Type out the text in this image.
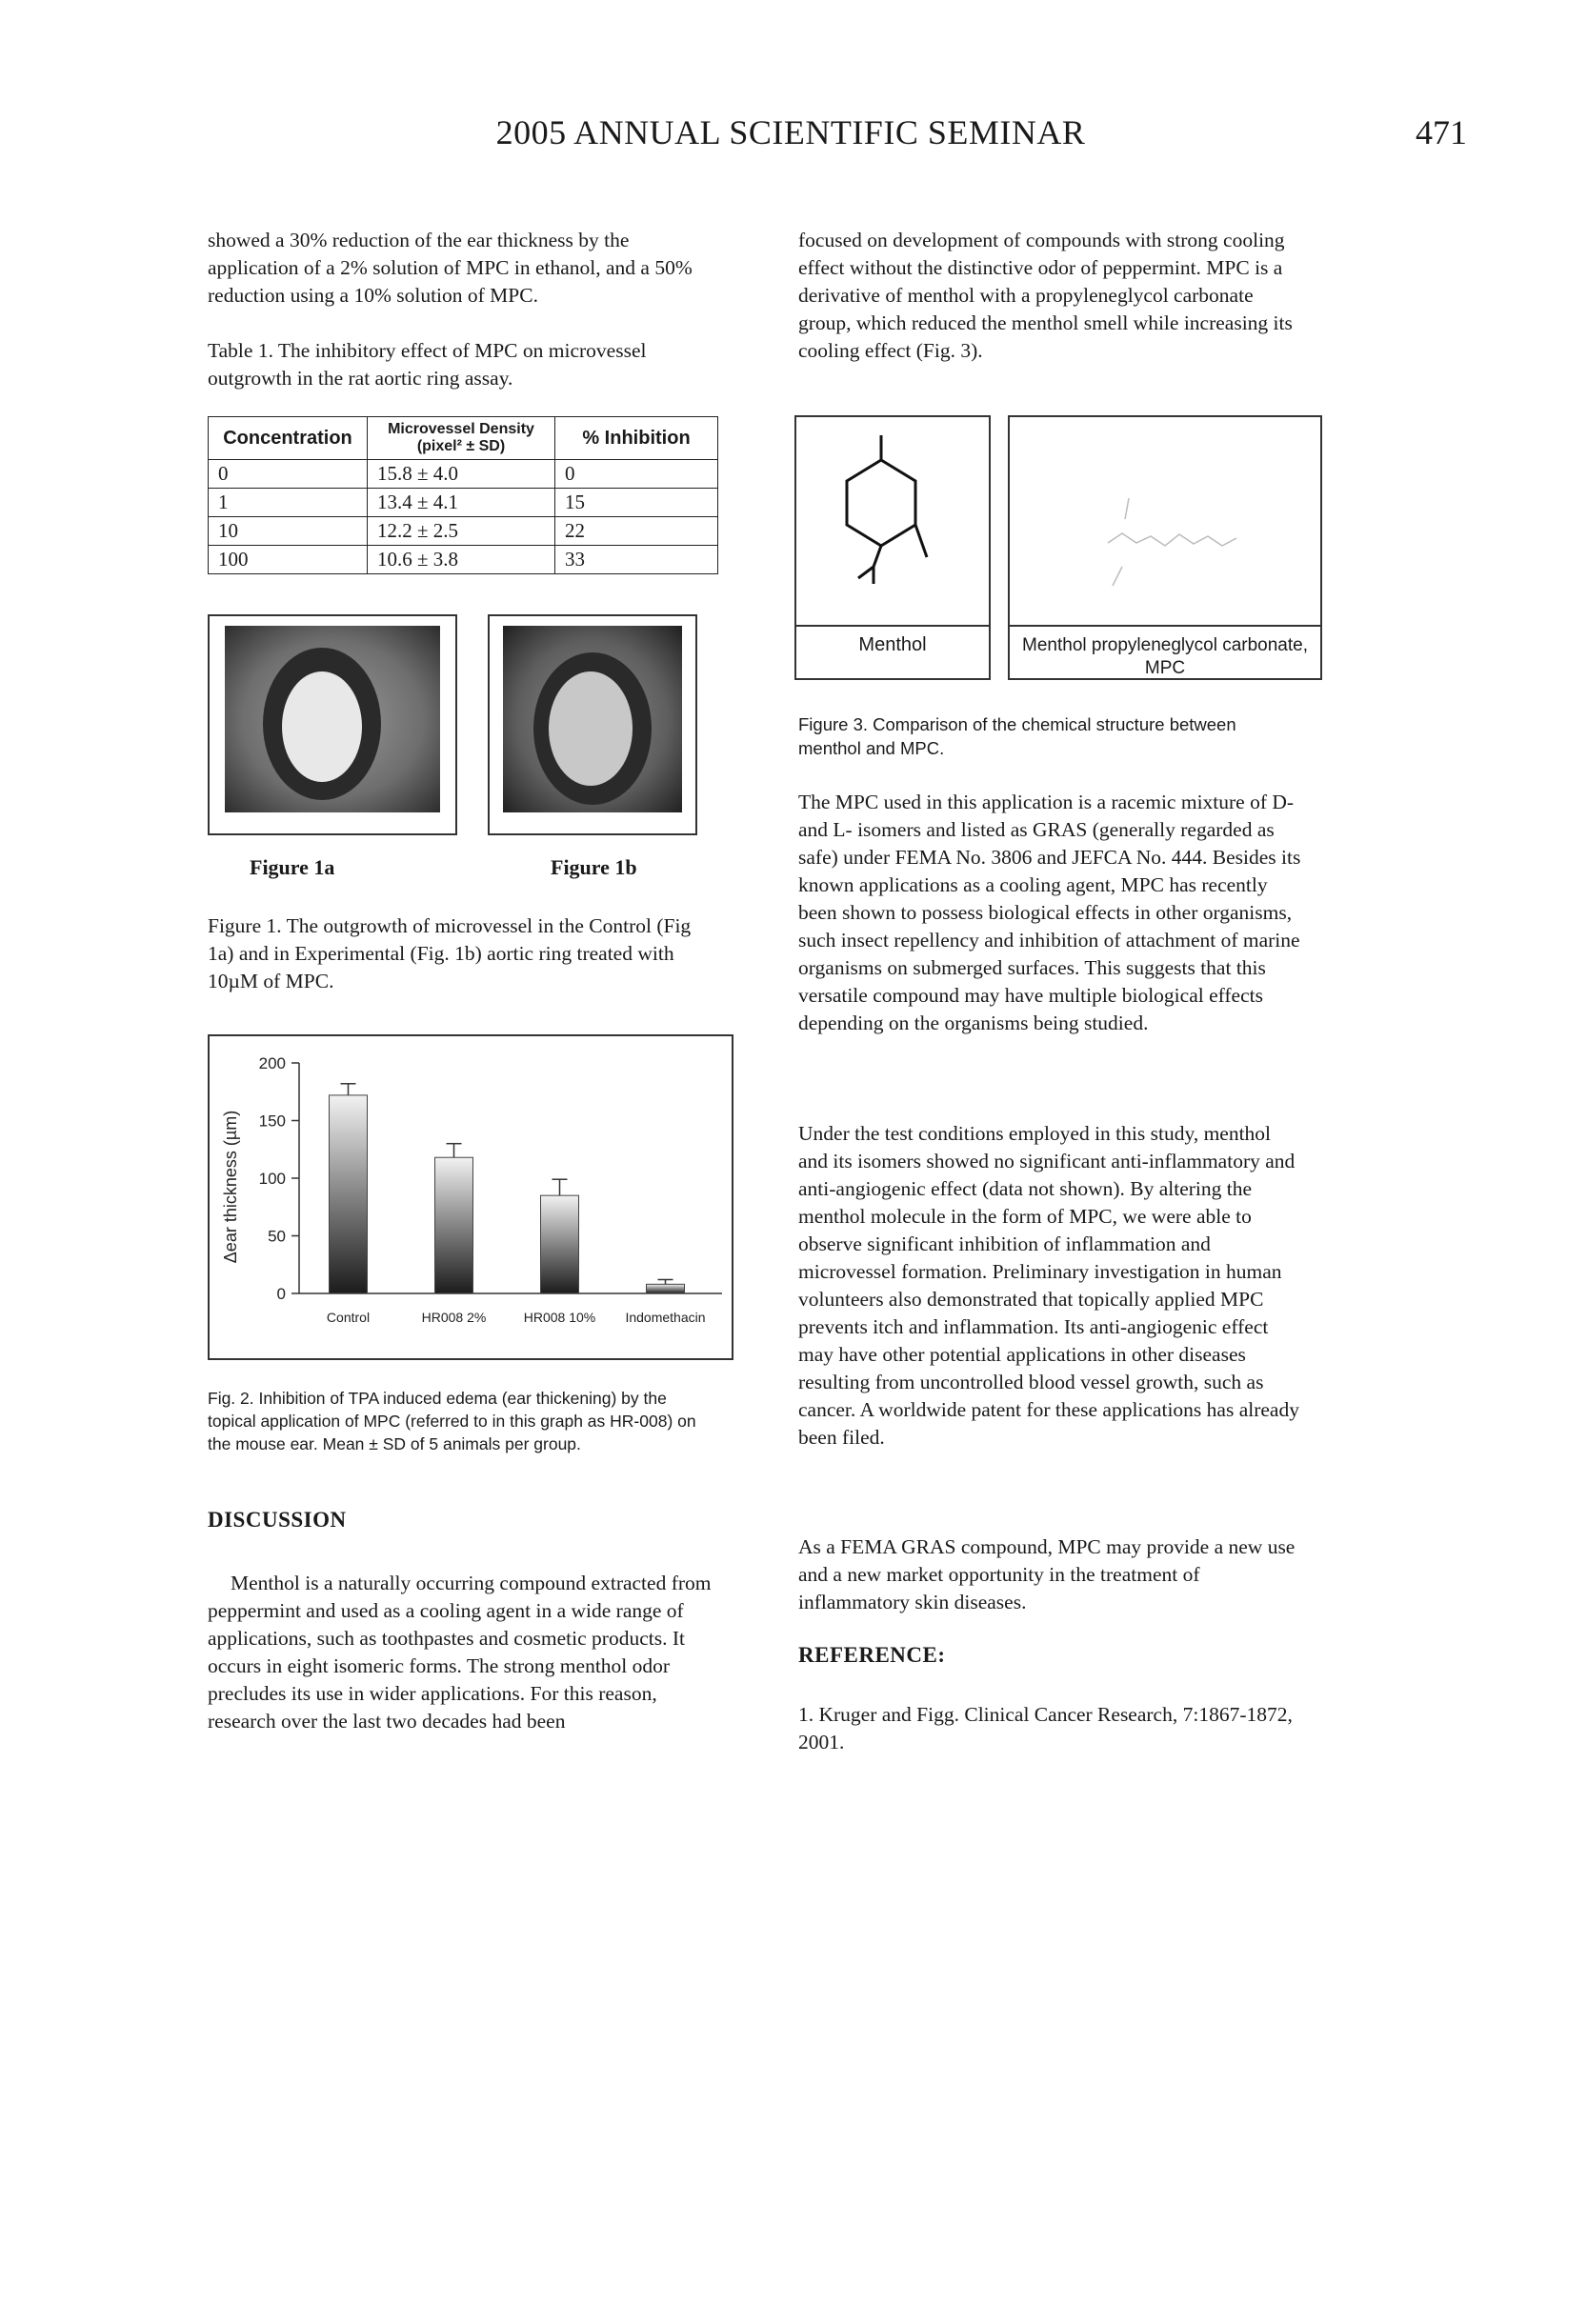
2005 ANNUAL SCIENTIFIC SEMINAR	471

showed a 30% reduction of the ear thickness by the application of a 2% solution of MPC in ethanol, and a 50% reduction using a 10% solution of MPC.

Table 1. The inhibitory effect of MPC on microvessel outgrowth in the rat aortic ring assay.

Concentration	Microvessel Density (pixel² ± SD)	% Inhibition
0	15.8 ± 4.0	0
1	13.4 ± 4.1	15
10	12.2 ± 2.5	22
100	10.6 ± 3.8	33
Figure 1a	Figure 1b

Figure 1. The outgrowth of microvessel in the Control (Fig 1a) and in Experimental (Fig. 1b) aortic ring treated with 10µM of MPC.

0
50
100
150
200
Control	HR008 2%	HR008 10% Indomethacin
Δear thickness (µm)

Fig. 2. Inhibition of TPA induced edema (ear thickening) by the topical application of MPC (referred to in this graph as HR-008) on the mouse ear. Mean ± SD of 5 animals per group.

DISCUSSION

Menthol is a naturally occurring compound extracted from peppermint and used as a cooling agent in a wide range of applications, such as toothpastes and cosmetic products. It occurs in eight isomeric forms. The strong menthol odor precludes its use in wider applications. For this reason, research over the last two decades had been

focused on development of compounds with strong cooling effect without the distinctive odor of peppermint. MPC is a derivative of menthol with a propyleneglycol carbonate group, which reduced the menthol smell while increasing its cooling effect (Fig. 3).

Menthol	Menthol propyleneglycol carbonate, MPC

Figure 3. Comparison of the chemical structure between menthol and MPC.

The MPC used in this application is a racemic mixture of D- and L- isomers and listed as GRAS (generally regarded as safe) under FEMA No. 3806 and JEFCA No. 444. Besides its known applications as a cooling agent, MPC has recently been shown to possess biological effects in other organisms, such insect repellency and inhibition of attachment of marine organisms on submerged surfaces. This suggests that this versatile compound may have multiple biological effects depending on the organisms being studied.

Under the test conditions employed in this study, menthol and its isomers showed no significant anti-inflammatory and anti-angiogenic effect (data not shown). By altering the menthol molecule in the form of MPC, we were able to observe significant inhibition of inflammation and microvessel formation. Preliminary investigation in human volunteers also demonstrated that topically applied MPC prevents itch and inflammation. Its anti-angiogenic effect may have other potential applications in other diseases resulting from uncontrolled blood vessel growth, such as cancer. A worldwide patent for these applications has already been filed.

As a FEMA GRAS compound, MPC may provide a new use and a new market opportunity in the treatment of inflammatory skin diseases.

REFERENCE:

1. Kruger and Figg. Clinical Cancer Research, 7:1867-1872, 2001.
